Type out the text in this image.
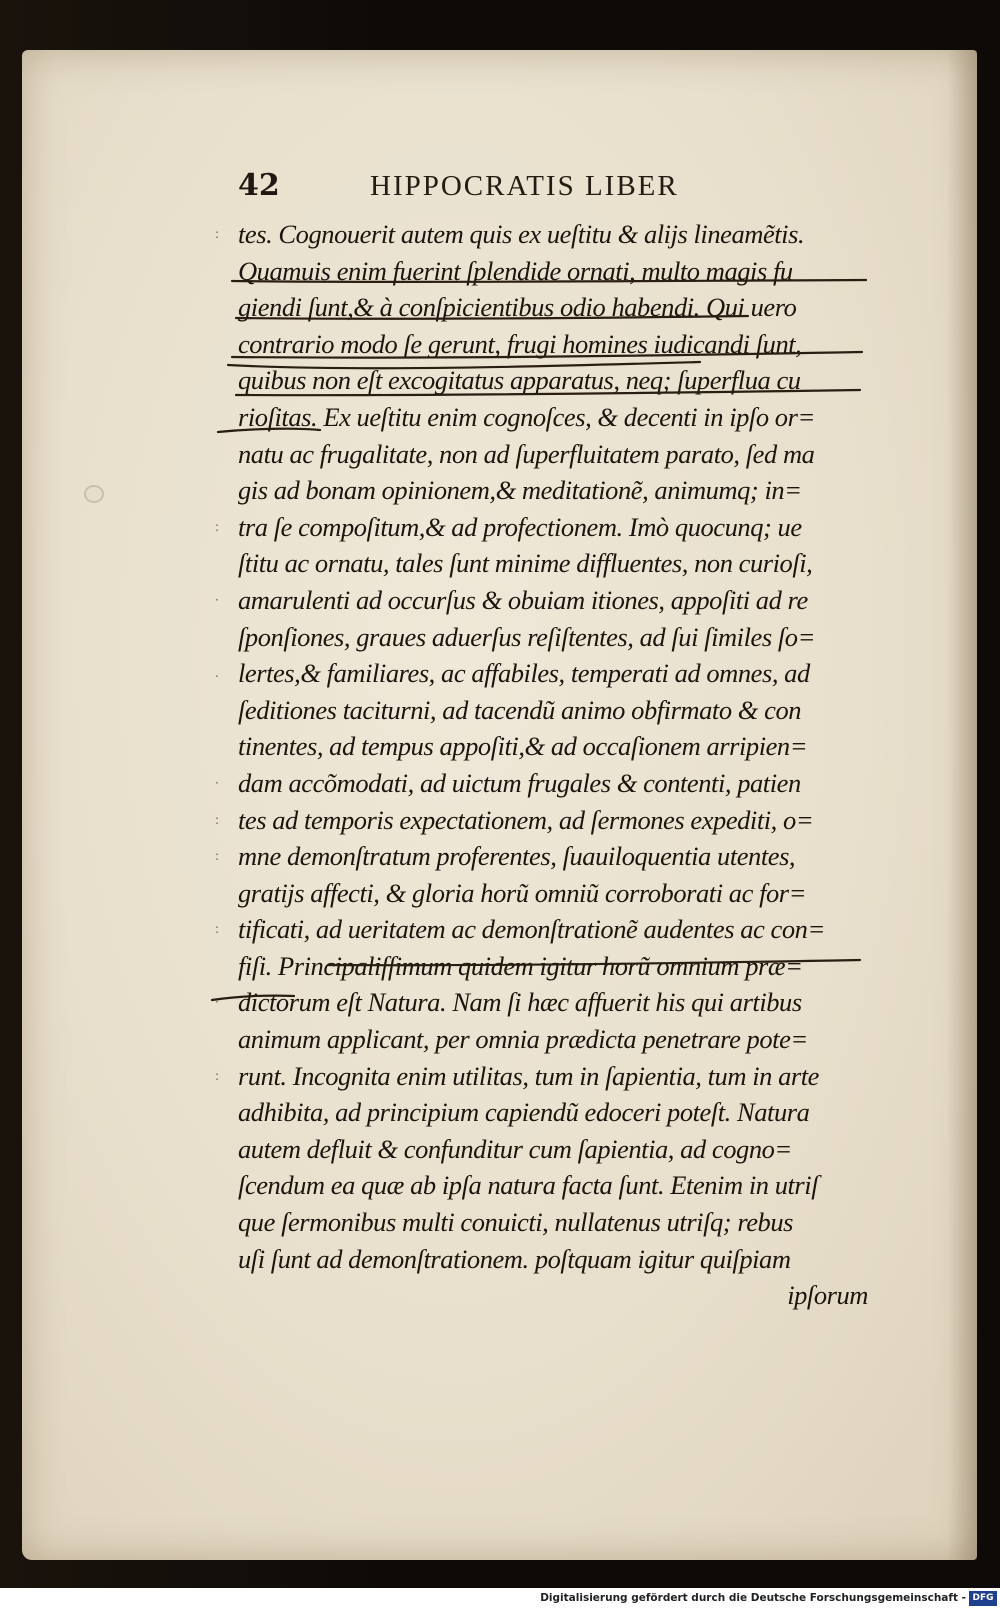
42	HIPPOCRATIS LIBER
:
:
·
.
·
:
:
:
·
:
tes. Cognouerit autem quis ex ueſtitu & alijs lineamẽtis.
Quamuis enim fuerint ſplendide ornati, multo magis fu
giendi ſunt,& à conſpicientibus odio habendi. Qui uero
contrario modo ſe gerunt, frugi homines iudicandi ſunt,
quibus non eſt excogitatus apparatus, neq; ſuperflua cu
rioſitas. Ex ueſtitu enim cognoſces, & decenti in ipſo or=
natu ac frugalitate, non ad ſuperfluitatem parato, ſed ma
gis ad bonam opinionem,& meditationẽ, animumq; in=
tra ſe compoſitum,& ad profectionem. Imò quocunq; ue
ſtitu ac ornatu, tales ſunt minime diffluentes, non curioſi,
amarulenti ad occurſus & obuiam itiones, appoſiti ad re
ſponſiones, graues aduerſus reſiſtentes, ad ſui ſimiles ſo=
lertes,& familiares, ac affabiles, temperati ad omnes, ad
ſeditiones taciturni, ad tacendũ animo obfirmato & con
tinentes, ad tempus appoſiti,& ad occaſionem arripien=
dam accõmodati, ad uictum frugales & contenti, patien
tes ad temporis expectationem, ad ſermones expediti, o=
mne demonſtratum proferentes, ſuauiloquentia utentes,
gratijs affecti, & gloria horũ omniũ corroborati ac for=
tificati, ad ueritatem ac demonſtrationẽ audentes ac con=
fiſi. Principaliſſimum quidem igitur horũ omnium præ=
dictorum eſt Natura. Nam ſi hæc affuerit his qui artibus
animum applicant, per omnia prædicta penetrare pote=
runt. Incognita enim utilitas, tum in ſapientia, tum in arte
adhibita, ad principium capiendũ edoceri poteſt. Natura
autem defluit & confunditur cum ſapientia, ad cogno=
ſcendum ea quæ ab ipſa natura facta ſunt. Etenim in utriſ
que ſermonibus multi conuicti, nullatenus utriſq; rebus
uſi ſunt ad demonſtrationem. poſtquam igitur quiſpiam
ipſorum
Digitalisierung gefördert durch die Deutsche Forschungsgemeinschaft - DFG
